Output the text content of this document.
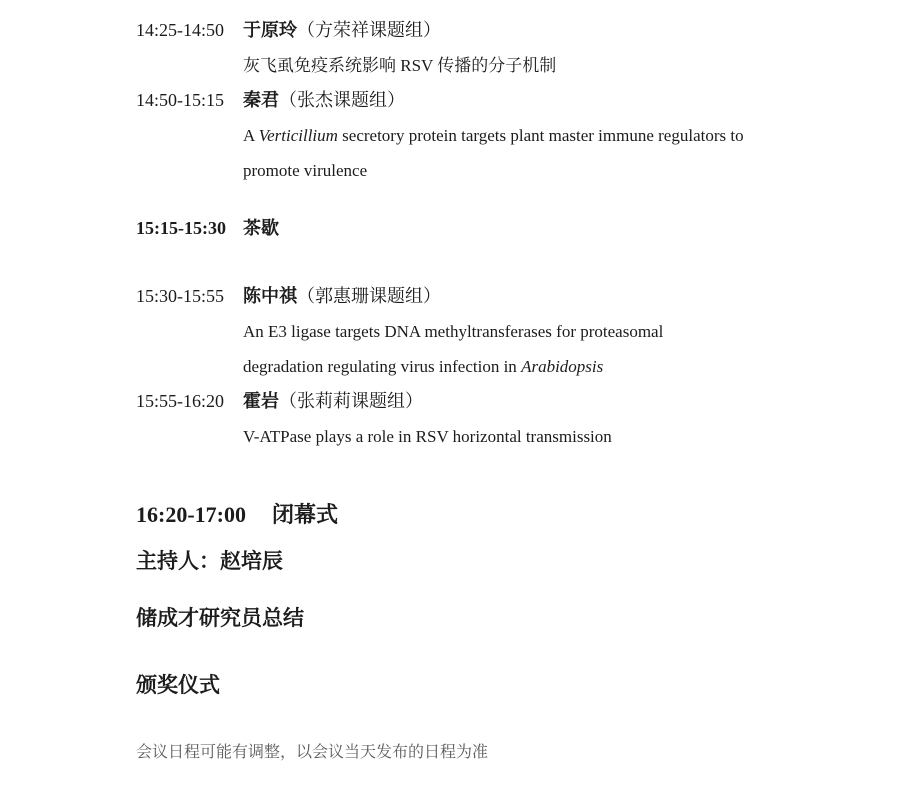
14:25-14:50	于原玲（方荣祥课题组）
灰飞虱免疫系统影响 RSV 传播的分子机制
14:50-15:15	秦君（张杰课题组）
A Verticillium secretory protein targets plant master immune regulators to
promote virulence
15:15-15:30 茶歇
15:30-15:55	陈中祺（郭惠珊课题组）
An E3 ligase targets DNA methyltransferases for proteasomal
degradation regulating virus infection in Arabidopsis
15:55-16:20	霍岩（张莉莉课题组）
V-ATPase plays a role in RSV horizontal transmission
16:20-17:00 闭幕式
主持人：赵培辰
储成才研究员总结
颁奖仪式
会议日程可能有调整，以会议当天发布的日程为准
